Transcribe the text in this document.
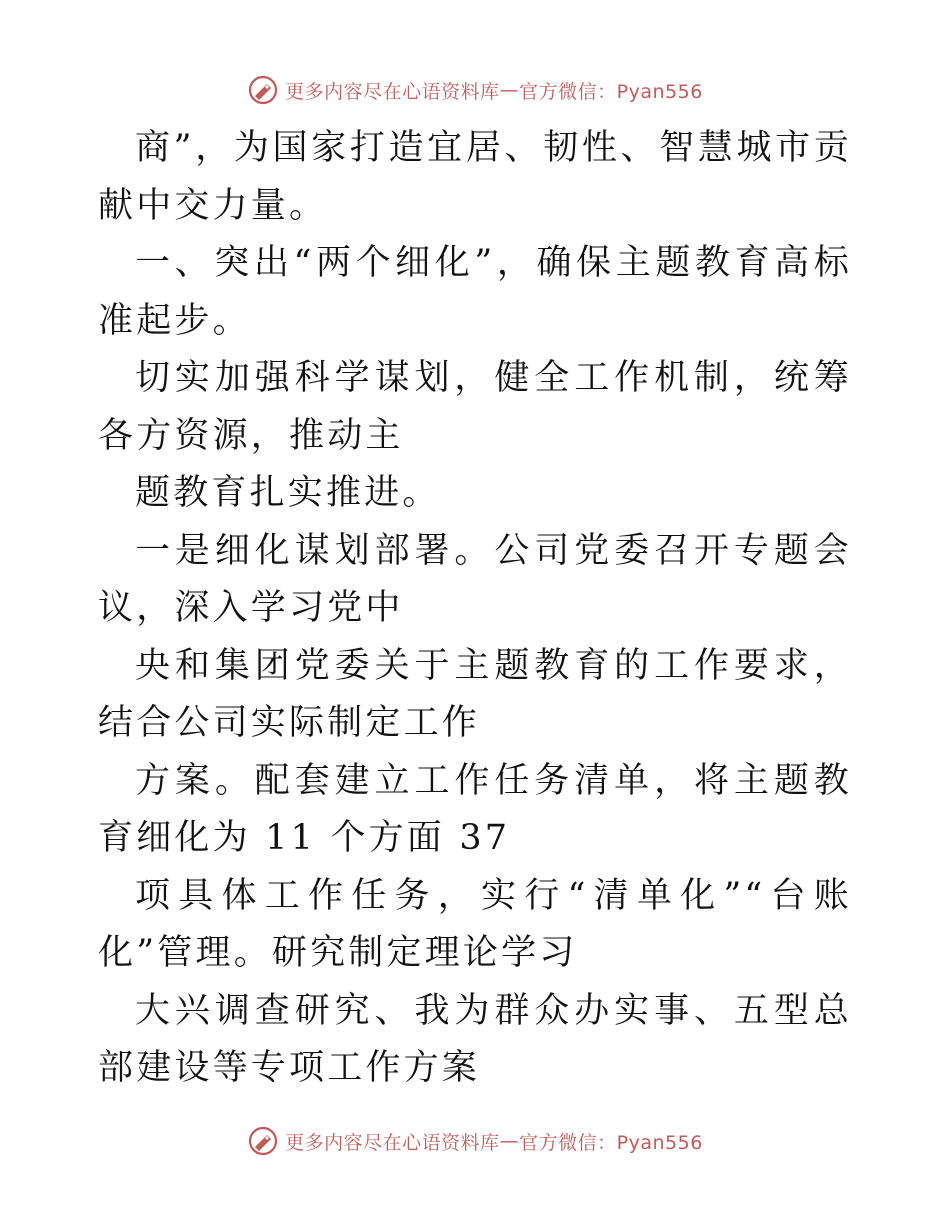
更多内容尽在心语资料库 — 官方微信：Pyan556

商”，为国家打造宜居、韧性、智慧城市贡献中交力量。

一、突出“两个细化”，确保主题教育高标准起步。

切实加强科学谋划，健全工作机制，统筹各方资源，推动主

题教育扎实推进。

一是细化谋划部署。公司党委召开专题会议，深入学习党中

央和集团党委关于主题教育的工作要求，结合公司实际制定工作

方案。配套建立工作任务清单，将主题教育细化为 11 个方面 37

项具体工作任务，实行“清单化”“台账化”管理。研究制定理论学习

大兴调查研究、我为群众办实事、五型总部建设等专项工作方案

更多内容尽在心语资料库 — 官方微信：Pyan556
